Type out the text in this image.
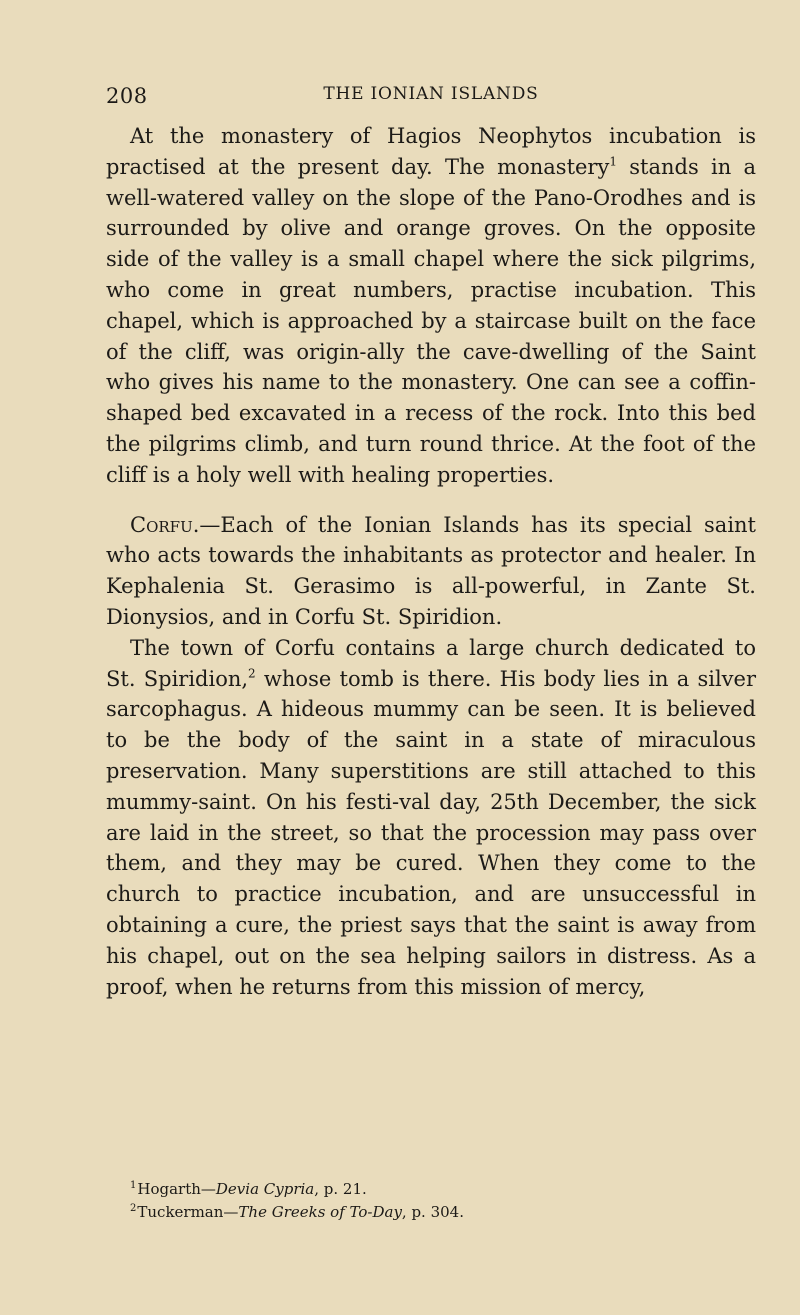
208	THE IONIAN ISLANDS

At the monastery of Hagios Neophytos incubation is practised at the present day. The monastery$^1$ stands in a well-watered valley on the slope of the Pano-Orodhes and is surrounded by olive and orange groves. On the opposite side of the valley is a small chapel where the sick pilgrims, who come in great numbers, practise incubation. This chapel, which is approached by a staircase built on the face of the cliff, was origin-ally the cave-dwelling of the Saint who gives his name to the monastery. One can see a coffin-shaped bed excavated in a recess of the rock. Into this bed the pilgrims climb, and turn round thrice. At the foot of the cliff is a holy well with healing properties.

Corfu.—Each of the Ionian Islands has its special saint who acts towards the inhabitants as protector and healer. In Kephalenia St. Gerasimo is all-powerful, in Zante St. Dionysios, and in Corfu St. Spiridion.

The town of Corfu contains a large church dedicated to St. Spiridion,$^2$ whose tomb is there. His body lies in a silver sarcophagus. A hideous mummy can be seen. It is believed to be the body of the saint in a state of miraculous preservation. Many superstitions are still attached to this mummy-saint. On his festi-val day, 25th December, the sick are laid in the street, so that the procession may pass over them, and they may be cured. When they come to the church to practice incubation, and are unsuccessful in obtaining a cure, the priest says that the saint is away from his chapel, out on the sea helping sailors in distress. As a proof, when he returns from this mission of mercy,

$^1$Hogarth—Devia Cypria, p. 21.

$^2$Tuckerman—The Greeks of To-Day, p. 304.
